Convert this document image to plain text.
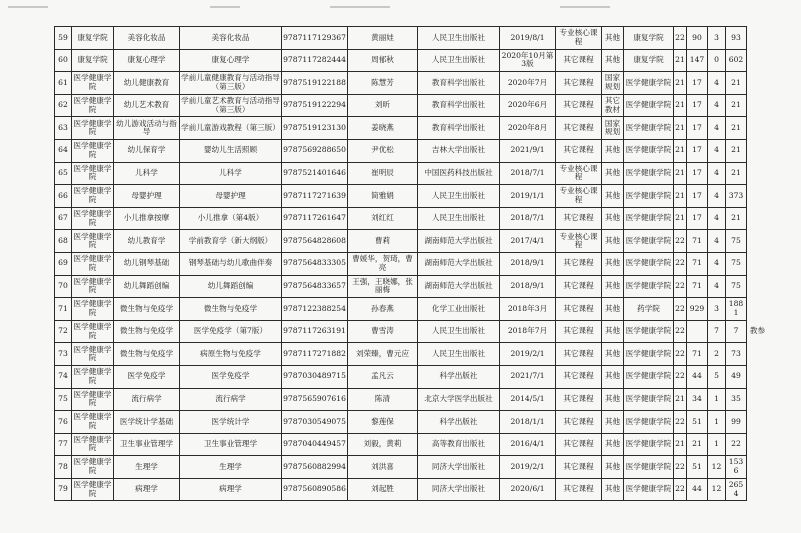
59	康复学院	美容化妆品	美容化妆品	9787117129367	黄丽娃	人民卫生出版社	2019/8/1	专业核心课程	其他	康复学院	22	90	3	93	
60	康复学院	康复心理学	康复心理学	9787117282444	周郁秋	人民卫生出版社	2020年10月第3版	其它课程	其他	康复学院	21	147	0	602	
61	医学健康学院	幼儿健康教育	学前儿童健康教育与活动指导（第三版）	9787519122188	陈慧芳	教育科学出版社	2020年7月	其它课程	国家规划	医学健康学院	21	17	4	21	
62	医学健康学院	幼儿艺术教育	学前儿童艺术教育与活动指导（第三版）	9787519122294	刘昕	教育科学出版社	2020年6月	其它课程	其它教材	医学健康学院	21	17	4	21	
63	医学健康学院	幼儿游戏活动与指导	学前儿童游戏教程（第三版）	9787519123130	姜晓燕	教育科学出版社	2020年8月	其它课程	国家规划	医学健康学院	21	17	4	21	
64	医学健康学院	幼儿保育学	婴幼儿生活照顾	9787569288650	尹优松	吉林大学出版社	2021/9/1	其它课程	其他	医学健康学院	21	17	4	21	
65	医学健康学院	儿科学	儿科学	9787521401646	崔明辰	中国医药科技出版社	2018/7/1	专业核心课程	其他	医学健康学院	21	17	4	21	
66	医学健康学院	母婴护理	母婴护理	9787117271639	简雅娟	人民卫生出版社	2019/1/1	专业核心课程	其他	医学健康学院	21	17	4	373	
67	医学健康学院	小儿推拿按摩	小儿推拿（第4版）	9787117261647	刘红红	人民卫生出版社	2018/7/1	其它课程	其他	医学健康学院	21	17	4	21	
68	医学健康学院	幼儿教育学	学前教育学（新大纲版）	9787564828608	曹莉	湖南师范大学出版社	2017/4/1	专业核心课程	其他	医学健康学院	22	71	4	75	
69	医学健康学院	幼儿钢琴基础	钢琴基础与幼儿歌曲伴奏	9787564833305	曹媛华，贺琦，曹亮	湖南师范大学出版社	2018/9/1	其它课程	其他	医学健康学院	22	71	4	75	
70	医学健康学院	幼儿舞蹈创编	幼儿舞蹈创编	9787564833657	王强，王晓娜，张丽梅	湖南师范大学出版社	2018/9/1	其它课程	其他	医学健康学院	22	71	4	75	
71	医学健康学院	微生物与免疫学	微生物与免疫学	9787122388254	孙春燕	化学工业出版社	2018年3月	其它课程	其他	药学院	22	929	3	1881	
72	医学健康学院	微生物与免疫学	医学免疫学（第7版）	9787117263191	曹雪涛	人民卫生出版社	2018年7月	其它课程	其他	医学健康学院	22		7	7	教参
73	医学健康学院	微生物与免疫学	病原生物与免疫学	9787117271882	刘荣臻，曹元应	人民卫生出版社	2019/2/1	其它课程	其他	医学健康学院	22	71	2	73	
74	医学健康学院	医学免疫学	医学免疫学	9787030489715	孟凡云	科学出版社	2021/7/1	其它课程	其他	医学健康学院	22	44	5	49	
75	医学健康学院	流行病学	流行病学	9787565907616	陈清	北京大学医学出版社	2014/5/1	其它课程	其他	医学健康学院	21	34	1	35	
76	医学健康学院	医学统计学基础	医学统计学	9787030549075	黎莲保	科学出版社	2018/1/1	其它课程	其他	医学健康学院	22	51	1	99	
77	医学健康学院	卫生事业管理学	卫生事业管理学	9787040449457	刘毅，黄莉	高等教育出版社	2016/4/1	其它课程	其他	医学健康学院	21	21	1	22	
78	医学健康学院	生理学	生理学	9787560882994	刘洪喜	同济大学出版社	2019/2/1	其它课程	其他	医学健康学院	22	51	12	1536	
79	医学健康学院	病理学	病理学	9787560890586	刘起胜	同济大学出版社	2020/6/1	其它课程	其他	医学健康学院	22	44	12	2654	
